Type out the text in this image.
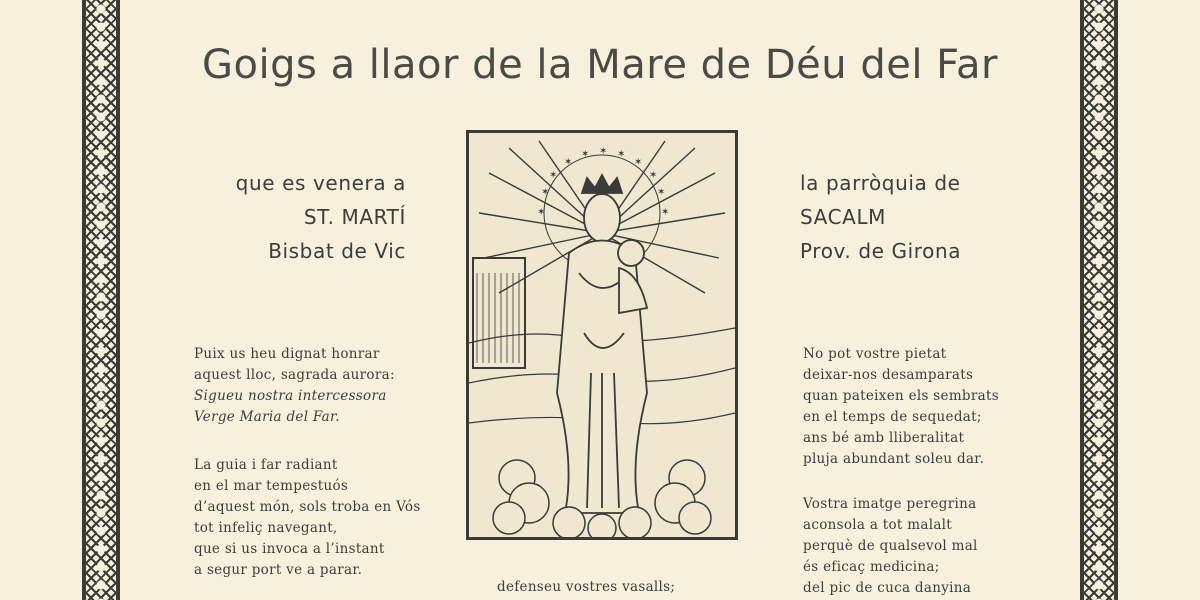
Goigs a llaor de la Mare de Déu del Far
que es venera a
ST. MARTÍ
Bisbat de Vic
la parròquia de
SACALM
Prov. de Girona
✶
✶
✶ ✶ ✶
✶
✶
✶	✶
✶	✶
Puix us heu dignat honrar
aquest lloc, sagrada aurora:
Sigueu nostra intercessora
Verge Maria del Far.
La guia i far radiant
en el mar tempestuós
d’aquest món, sols troba en Vós
tot infeliç navegant,
que si us invoca a l’instant
a segur port ve a parar.
No pot vostre pietat
deixar-nos desamparats
quan pateixen els sembrats
en el temps de sequedat;
ans bé amb lliberalitat
pluja abundant soleu dar.
Vostra imatge peregrina
aconsola a tot malalt
perquè de qualsevol mal
és eficaç medicina;
del pic de cuca danyina
defenseu vostres vasalls;
